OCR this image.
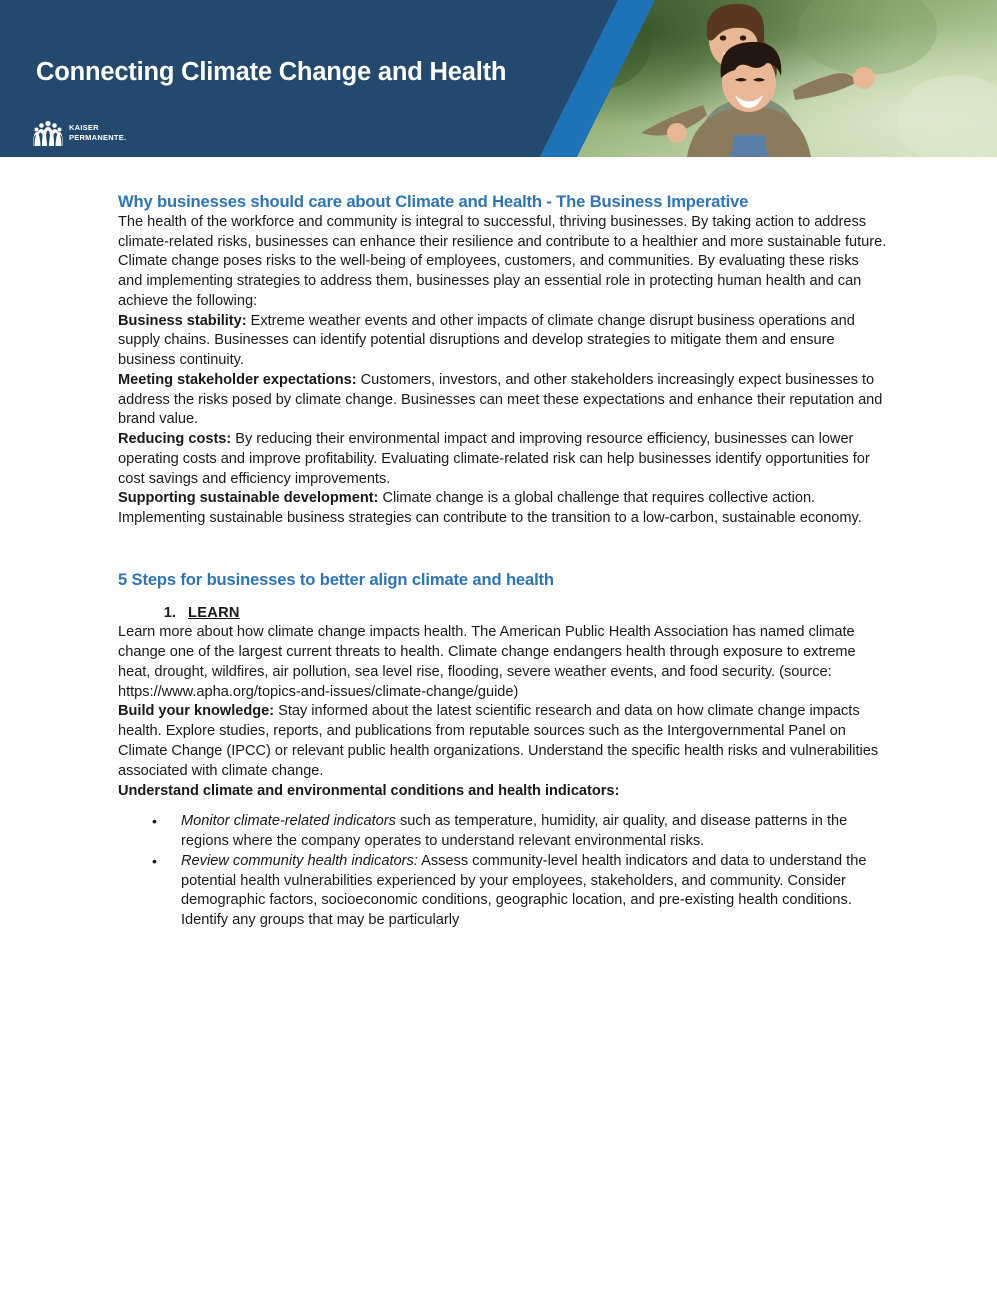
Connecting Climate Change and Health
KAISER
PERMANENTE.
Why businesses should care about Climate and Health - The Business Imperative

The health of the workforce and community is integral to successful, thriving businesses. By taking action to address climate-related risks, businesses can enhance their resilience and contribute to a healthier and more sustainable future.

Climate change poses risks to the well-being of employees, customers, and communities. By evaluating these risks and implementing strategies to address them, businesses play an essential role in protecting human health and can achieve the following:

Business stability: Extreme weather events and other impacts of climate change disrupt business operations and supply chains. Businesses can identify potential disruptions and develop strategies to mitigate them and ensure business continuity.

Meeting stakeholder expectations: Customers, investors, and other stakeholders increasingly expect businesses to address the risks posed by climate change. Businesses can meet these expectations and enhance their reputation and brand value.

Reducing costs: By reducing their environmental impact and improving resource efficiency, businesses can lower operating costs and improve profitability. Evaluating climate-related risk can help businesses identify opportunities for cost savings and efficiency improvements.

Supporting sustainable development: Climate change is a global challenge that requires collective action. Implementing sustainable business strategies can contribute to the transition to a low-carbon, sustainable economy.

5 Steps for businesses to better align climate and health
1. LEARN

Learn more about how climate change impacts health. The American Public Health Association has named climate change one of the largest current threats to health. Climate change endangers health through exposure to extreme heat, drought, wildfires, air pollution, sea level rise, flooding, severe weather events, and food security. (source: https://www.apha.org/topics-and-issues/climate-change/guide)

Build your knowledge: Stay informed about the latest scientific research and data on how climate change impacts health. Explore studies, reports, and publications from reputable sources such as the Intergovernmental Panel on Climate Change (IPCC) or relevant public health organizations. Understand the specific health risks and vulnerabilities associated with climate change.

Understand climate and environmental conditions and health indicators:

• Monitor climate-related indicators such as temperature, humidity, air quality, and disease patterns in the regions where the company operates to understand relevant environmental risks.
• Review community health indicators: Assess community-level health indicators and data to understand the potential health vulnerabilities experienced by your employees, stakeholders, and community. Consider demographic factors, socioeconomic conditions, geographic location, and pre-existing health conditions. Identify any groups that may be particularly
